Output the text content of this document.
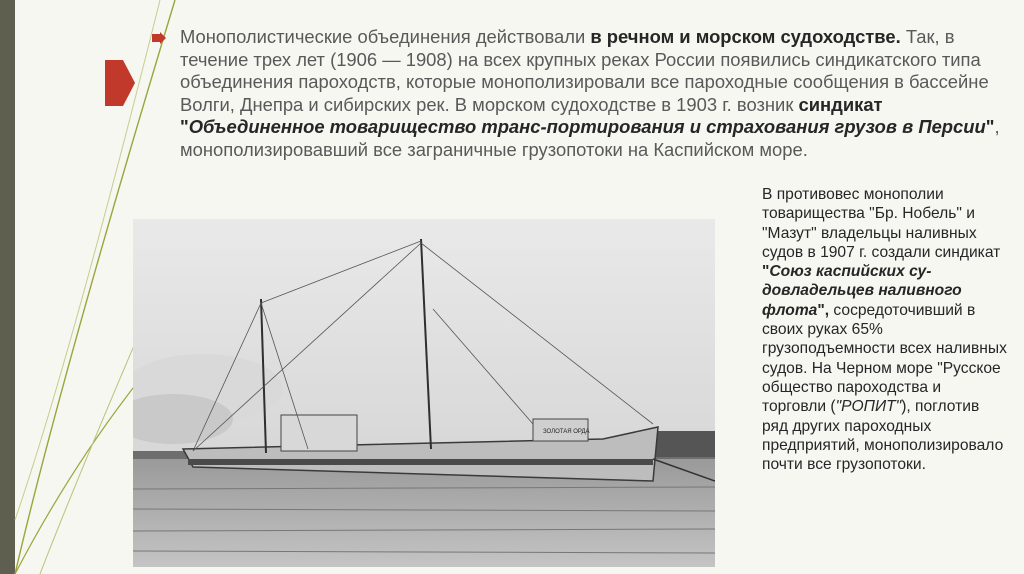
Монополистические объединения действовали в речном и морском судоходстве. Так, в течение трех лет (1906 — 1908) на всех крупных реках России появились синдикатского типа объединения пароходств, которые монополизировали все пароходные сообщения в бассейне Волги, Днепра и сибирских рек. В морском судоходстве в 1903 г. возник синдикат "Объединенное товарищество транс-портирования и страхования грузов в Персии", монополизировавший все заграничные грузопотоки на Каспийском море.
ЗОЛОТАЯ ОРДА
В противовес монополии товарищества "Бр. Нобель" и "Мазут" владельцы наливных судов в 1907 г. создали синдикат "Союз каспийских су-довладельцев наливного флота", сосредоточивший в своих руках 65% грузоподъемности всех наливных судов. На Черном море "Русское общество пароходства и торговли ("РОПИТ"), поглотив ряд других пароходных предприятий, монополизировало почти все грузопотоки.
